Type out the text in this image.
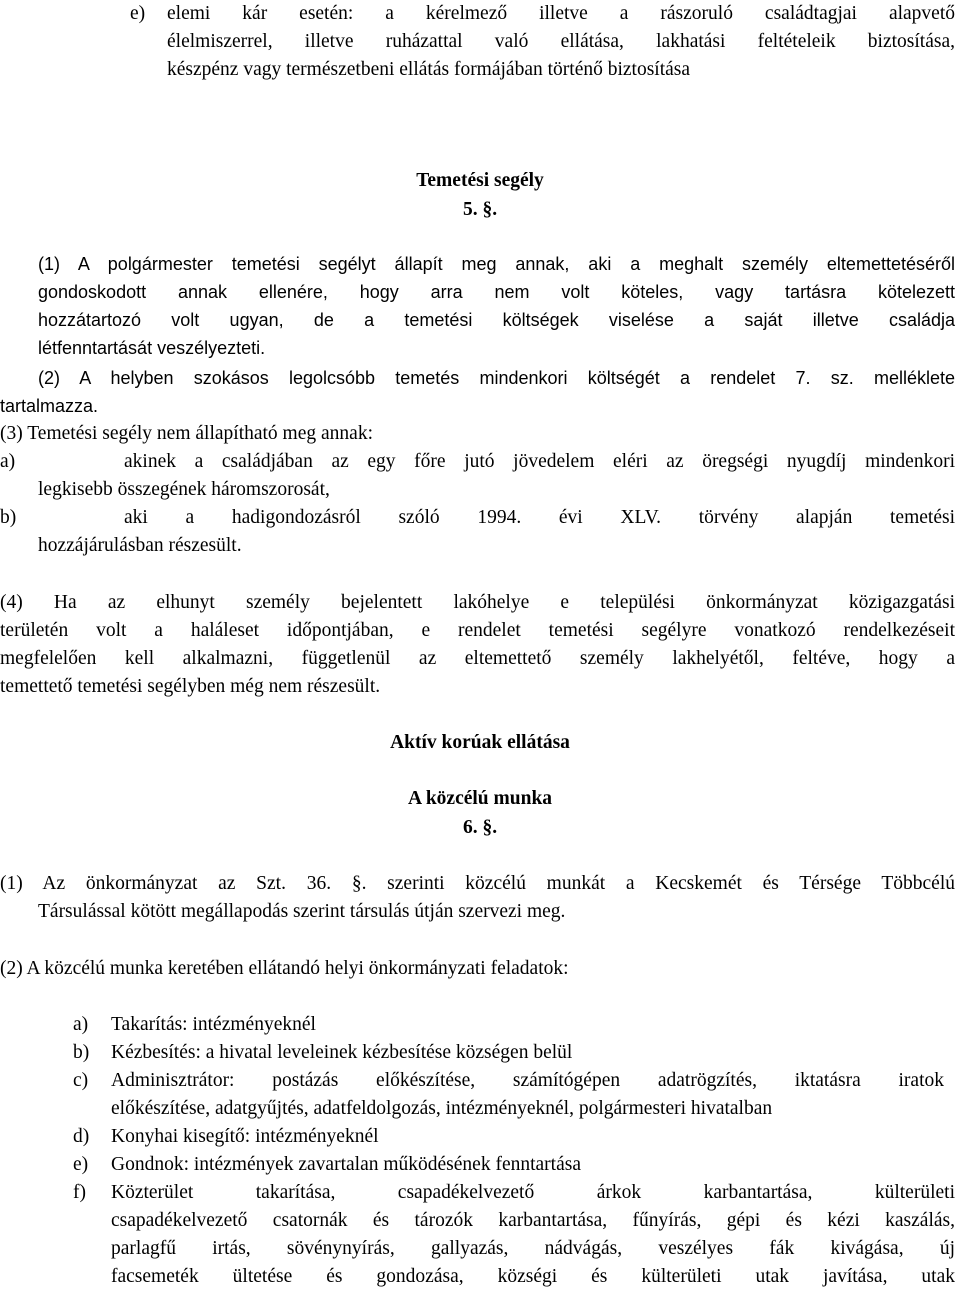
e) elemi kár esetén: a kérelmező illetve a rászoruló családtagjai alapvető
élelmiszerrel, illetve ruházattal való ellátása, lakhatási feltételeik biztosítása,
készpénz vagy természetbeni ellátás formájában történő biztosítása
Temetési segély
5. §.
(1) A polgármester temetési segélyt állapít meg annak, aki a meghalt személy eltemettetéséről
gondoskodott annak ellenére, hogy arra nem volt köteles, vagy tartásra kötelezett
hozzátartozó volt ugyan, de a temetési költségek viselése a saját illetve családja
létfenntartását veszélyezteti.
(2) A helyben szokásos legolcsóbb temetés mindenkori költségét a rendelet 7. sz. melléklete
tartalmazza.
(3) Temetési segély nem állapítható meg annak:
a)	akinek a családjában az egy főre jutó jövedelem eléri az öregségi nyugdíj mindenkori
legkisebb összegének háromszorosát,
b)	aki a hadigondozásról szóló 1994. évi XLV. törvény alapján temetési
hozzájárulásban részesült.
(4) Ha az elhunyt személy bejelentett lakóhelye e települési önkormányzat közigazgatási
területén volt a haláleset időpontjában, e rendelet temetési segélyre vonatkozó rendelkezéseit
megfelelően kell alkalmazni, függetlenül az eltemettető személy lakhelyétől, feltéve, hogy a
temettető temetési segélyben még nem részesült.
Aktív korúak ellátása
A közcélú munka
6. §.
(1) Az önkormányzat az Szt. 36. §. szerinti közcélú munkát a Kecskemét és Térsége Többcélú
Társulással kötött megállapodás szerint társulás útján szervezi meg.
(2) A közcélú munka keretében ellátandó helyi önkormányzati feladatok:
a) Takarítás: intézményeknél
b) Kézbesítés: a hivatal leveleinek kézbesítése községen belül
c) Adminisztrátor: postázás előkészítése, számítógépen adatrögzítés, iktatásra iratok
előkészítése, adatgyűjtés, adatfeldolgozás, intézményeknél, polgármesteri hivatalban
d) Konyhai kisegítő: intézményeknél
e) Gondnok: intézmények zavartalan működésének fenntartása
f) Közterület takarítása, csapadékelvezető árkok karbantartása, külterületi
csapadékelvezető csatornák és tározók karbantartása, fűnyírás, gépi és kézi kaszálás,
parlagfű irtás, sövénynyírás, gallyazás, nádvágás, veszélyes fák kivágása, új
facsemeték ültetése és gondozása, községi és külterületi utak javítása, utak
